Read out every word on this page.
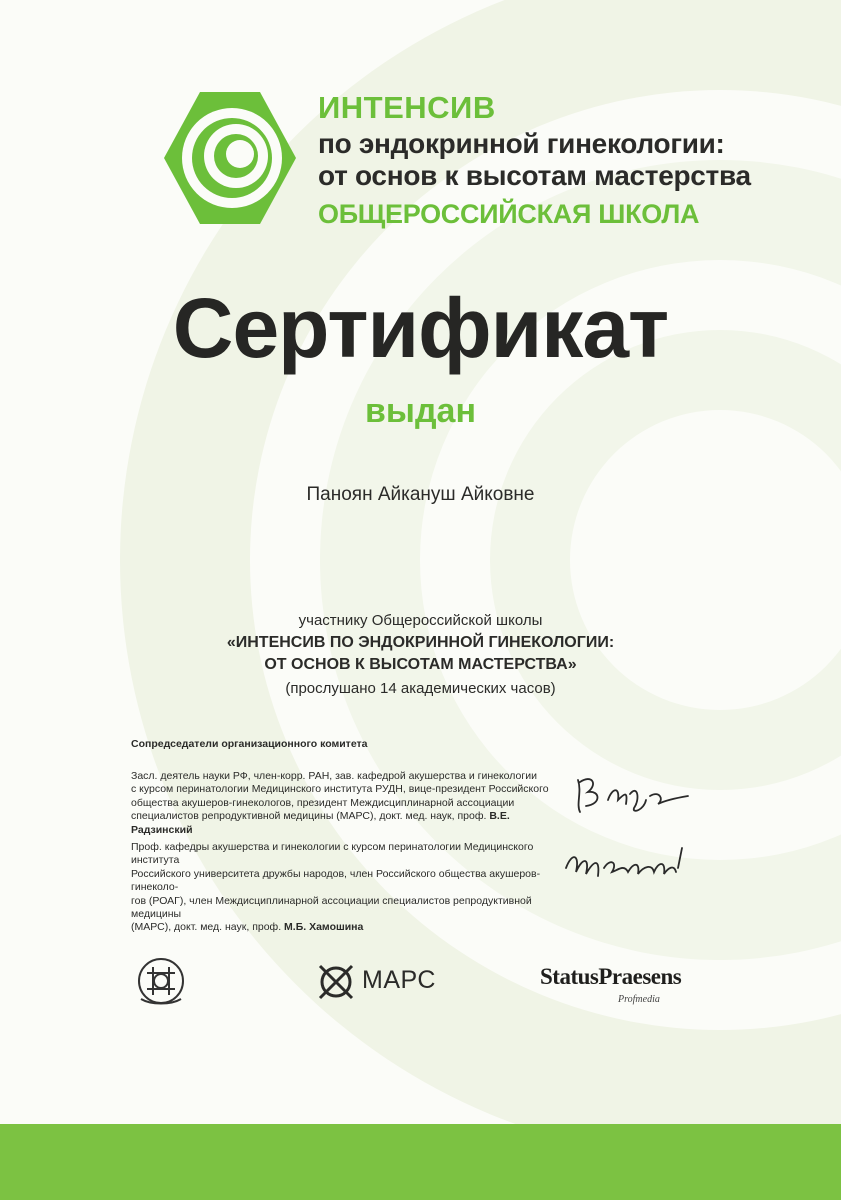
ИНТЕНСИВ
по эндокринной гинекологии:
от основ к высотам мастерства
ОБЩЕРОССИЙСКАЯ ШКОЛА
Сертификат
выдан
Паноян Айкануш Айковне
участнику Общероссийской школы
«ИНТЕНСИВ ПО ЭНДОКРИННОЙ ГИНЕКОЛОГИИ:
ОТ ОСНОВ К ВЫСОТАМ МАСТЕРСТВА»
(прослушано 14 академических часов)
Сопредседатели организационного комитета
Засл. деятель науки РФ, член-корр. РАН, зав. кафедрой акушерства и гинекологии
с курсом перинатологии Медицинского института РУДН, вице-президент Российского
общества акушеров-гинекологов, президент Междисциплинарной ассоциации
специалистов репродуктивной медицины (МАРС), докт. мед. наук, проф. В.Е. Радзинский
Проф. кафедры акушерства и гинекологии с курсом перинатологии Медицинского института
Российского университета дружбы народов, член Российского общества акушеров-гинеколо-
гов (РОАГ), член Междисциплинарной ассоциации специалистов репродуктивной медицины
(МАРС), докт. мед. наук, проф. М.Б. Хамошина
МАРС	StatusPraesens
Profmedia
